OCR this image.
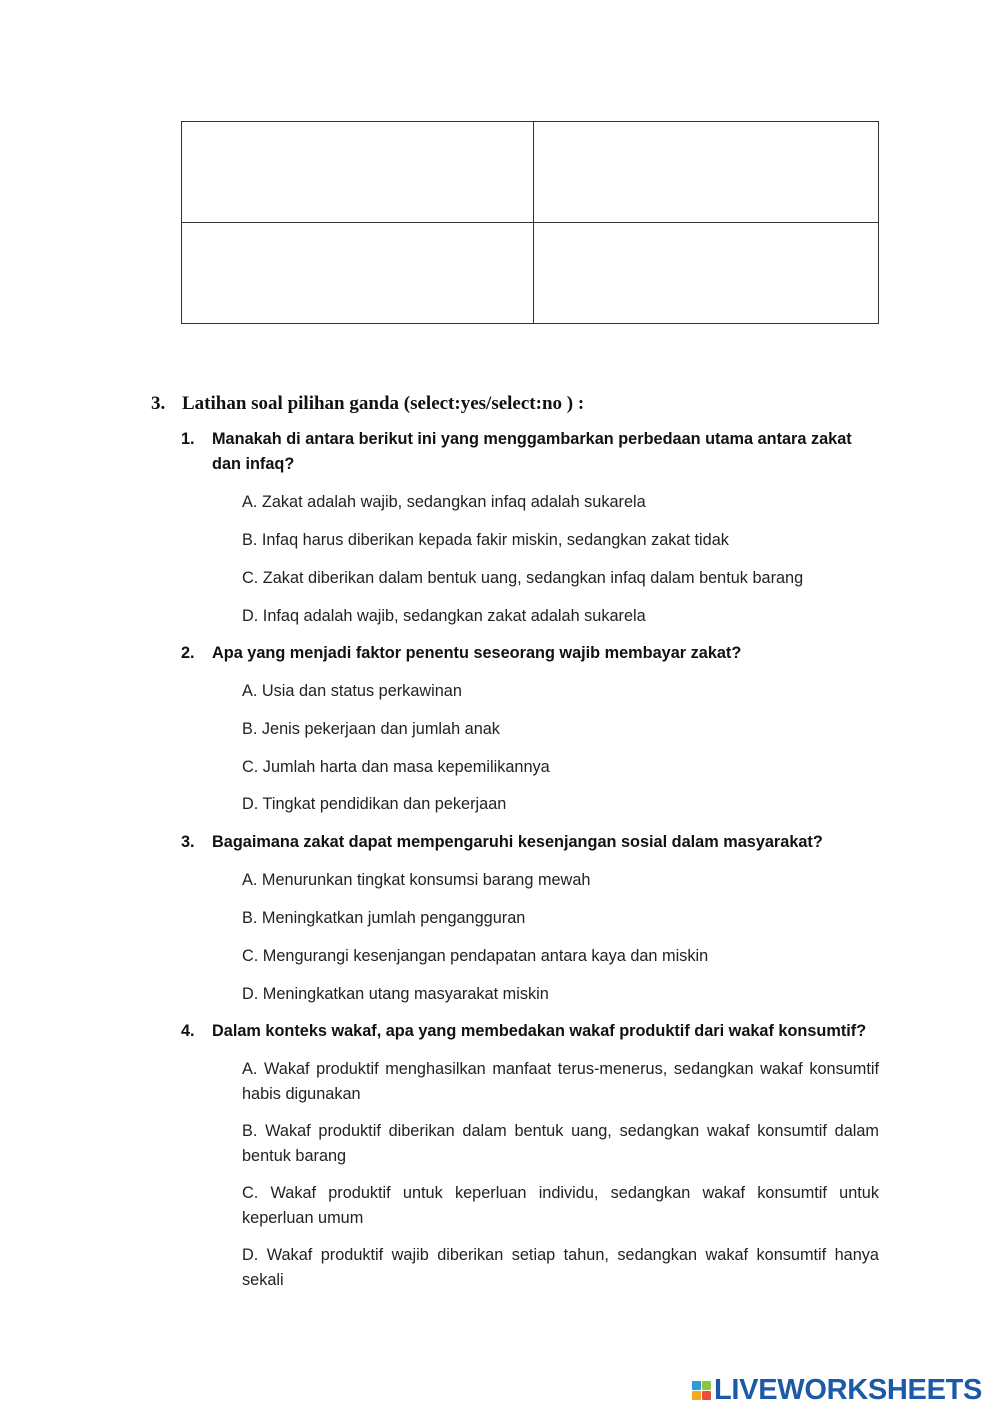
3. Latihan soal pilihan ganda (select:yes/select:no ) :
1.	Manakah di antara berikut ini yang menggambarkan perbedaan utama antara zakat dan infaq?
A. Zakat adalah wajib, sedangkan infaq adalah sukarela
B. Infaq harus diberikan kepada fakir miskin, sedangkan zakat tidak
C. Zakat diberikan dalam bentuk uang, sedangkan infaq dalam bentuk barang
D. Infaq adalah wajib, sedangkan zakat adalah sukarela
2.	Apa yang menjadi faktor penentu seseorang wajib membayar zakat?
A. Usia dan status perkawinan
B. Jenis pekerjaan dan jumlah anak
C. Jumlah harta dan masa kepemilikannya
D. Tingkat pendidikan dan pekerjaan
3.	Bagaimana zakat dapat mempengaruhi kesenjangan sosial dalam masyarakat?
A. Menurunkan tingkat konsumsi barang mewah
B. Meningkatkan jumlah pengangguran
C. Mengurangi kesenjangan pendapatan antara kaya dan miskin
D. Meningkatkan utang masyarakat miskin
4.	Dalam konteks wakaf, apa yang membedakan wakaf produktif dari wakaf konsumtif?
A. Wakaf produktif menghasilkan manfaat terus-menerus, sedangkan wakaf konsumtif habis digunakan
B. Wakaf produktif diberikan dalam bentuk uang, sedangkan wakaf konsumtif dalam bentuk barang
C. Wakaf produktif untuk keperluan individu, sedangkan wakaf konsumtif untuk keperluan umum
D. Wakaf produktif wajib diberikan setiap tahun, sedangkan wakaf konsumtif hanya sekali
LIVEWORKSHEETS
